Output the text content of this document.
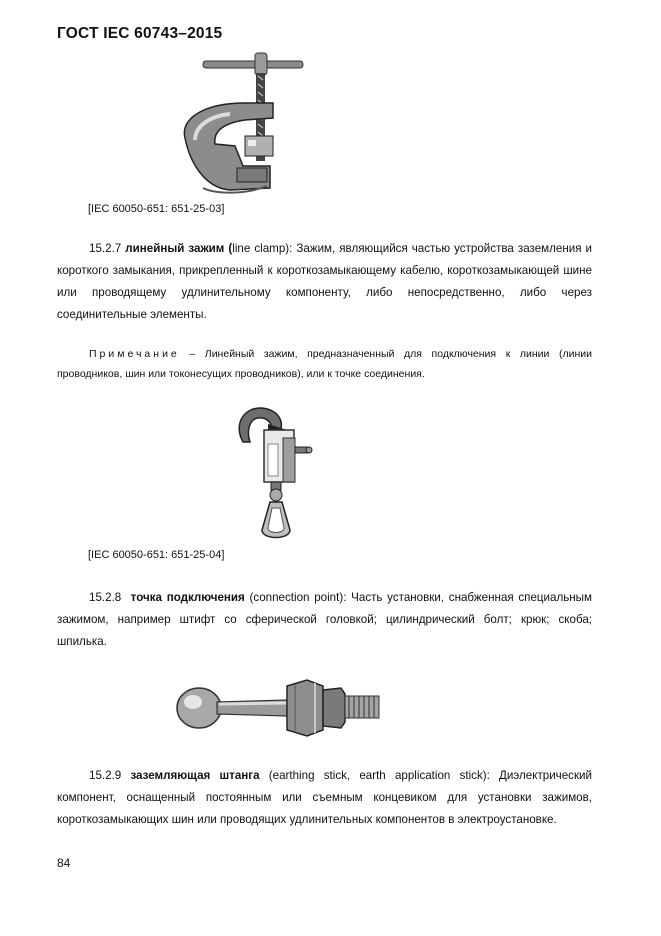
ГОСТ IEC 60743–2015
[IEC 60050-651: 651-25-03]

15.2.7 линейный зажим (line clamp): Зажим, являющийся частью устройства заземления и короткого замыкания, прикрепленный к короткозамыкающему кабелю, короткозамыкающей шине или проводящему удлинительному компоненту, либо непосредственно, либо через соединительные элементы.

Примечание – Линейный зажим, предназначенный для подключения к линии (линии проводников, шин или токонесущих проводников), или к точке соединения.

[IEC 60050-651: 651-25-04]

15.2.8 точка подключения (connection point): Часть установки, снабженная специальным зажимом, например штифт со сферической головкой; цилиндрический болт; крюк; скоба; шпилька.

15.2.9 заземляющая штанга (earthing stick, earth application stick): Диэлектрический компонент, оснащенный постоянным или съемным концевиком для установки зажимов, короткозамыкающих шин или проводящих удлинительных компонентов в электроустановке.

84
